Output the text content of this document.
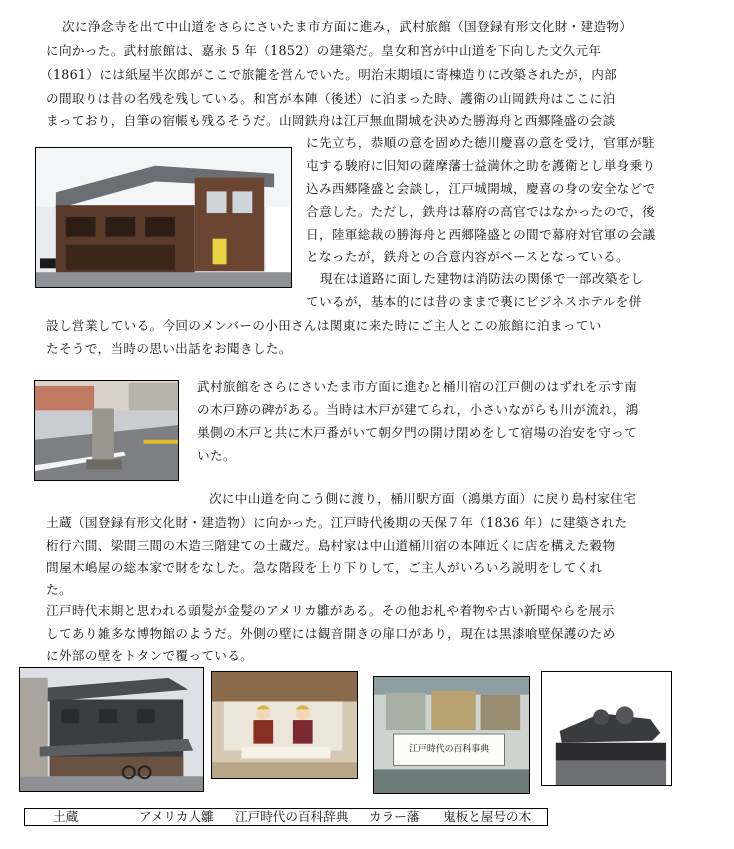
次に浄念寺を出て中山道をさらにさいたま市方面に進み，武村旅館（国登録有形文化財・建造物）
に向かった。武村旅館は、嘉永 5 年（1852）の建築だ。皇女和宮が中山道を下向した文久元年
（1861）には紙屋半次郎がここで旅籠を営んでいた。明治末期頃に寄棟造りに改築されたが，内部
の間取りは昔の名残を残している。和宮が本陣（後述）に泊まった時、護衛の山岡鉄舟はここに泊
まっており，自筆の宿帳も残るそうだ。山岡鉄舟は江戸無血開城を決めた勝海舟と西郷隆盛の会談
に先立ち，恭順の意を固めた徳川慶喜の意を受け，官軍が駐
屯する駿府に旧知の薩摩藩士益満休之助を護衛とし単身乗り
込み西郷隆盛と会談し，江戸城開城，慶喜の身の安全などで
合意した。ただし，鉄舟は幕府の高官ではなかったので，後
日，陸軍総裁の勝海舟と西郷隆盛との間で幕府対官軍の会議
となったが，鉄舟との合意内容がベースとなっている。
現在は道路に面した建物は消防法の関係で一部改築をし
ているが，基本的には昔のままで裏にビジネスホテルを併
設し営業している。今回のメンバーの小田さんは関東に来た時にご主人とこの旅館に泊まってい
たそうで，当時の思い出話をお聞きした。
武村旅館をさらにさいたま市方面に進むと桶川宿の江戸側のはずれを示す南
の木戸跡の碑がある。当時は木戸が建てられ，小さいながらも川が流れ，鴻
巣側の木戸と共に木戸番がいて朝夕門の開け閉めをして宿場の治安を守って
いた。
次に中山道を向こう側に渡り，桶川駅方面（鴻巣方面）に戻り島村家住宅
土蔵（国登録有形文化財・建造物）に向かった。江戸時代後期の天保７年（1836 年）に建築された
桁行六間、梁間三間の木造三階建ての土蔵だ。島村家は中山道桶川宿の本陣近くに店を構えた穀物
問屋木嶋屋の総本家で財をなした。急な階段を上り下りして，ご主人がいろいろ説明をしてくれ
た。
江戸時代末期と思われる頭髪が金髪のアメリカ雛がある。その他お札や着物や古い新聞やらを展示
してあり雑多な博物館のようだ。外側の壁には観音開きの扉口があり，現在は黒漆喰壁保護のため
に外部の壁をトタンで覆っている。
江戸時代の百科事典
土蔵	アメリカ人雛 江戸時代の百科辞典 カラー藩 鬼板と屋号の木
